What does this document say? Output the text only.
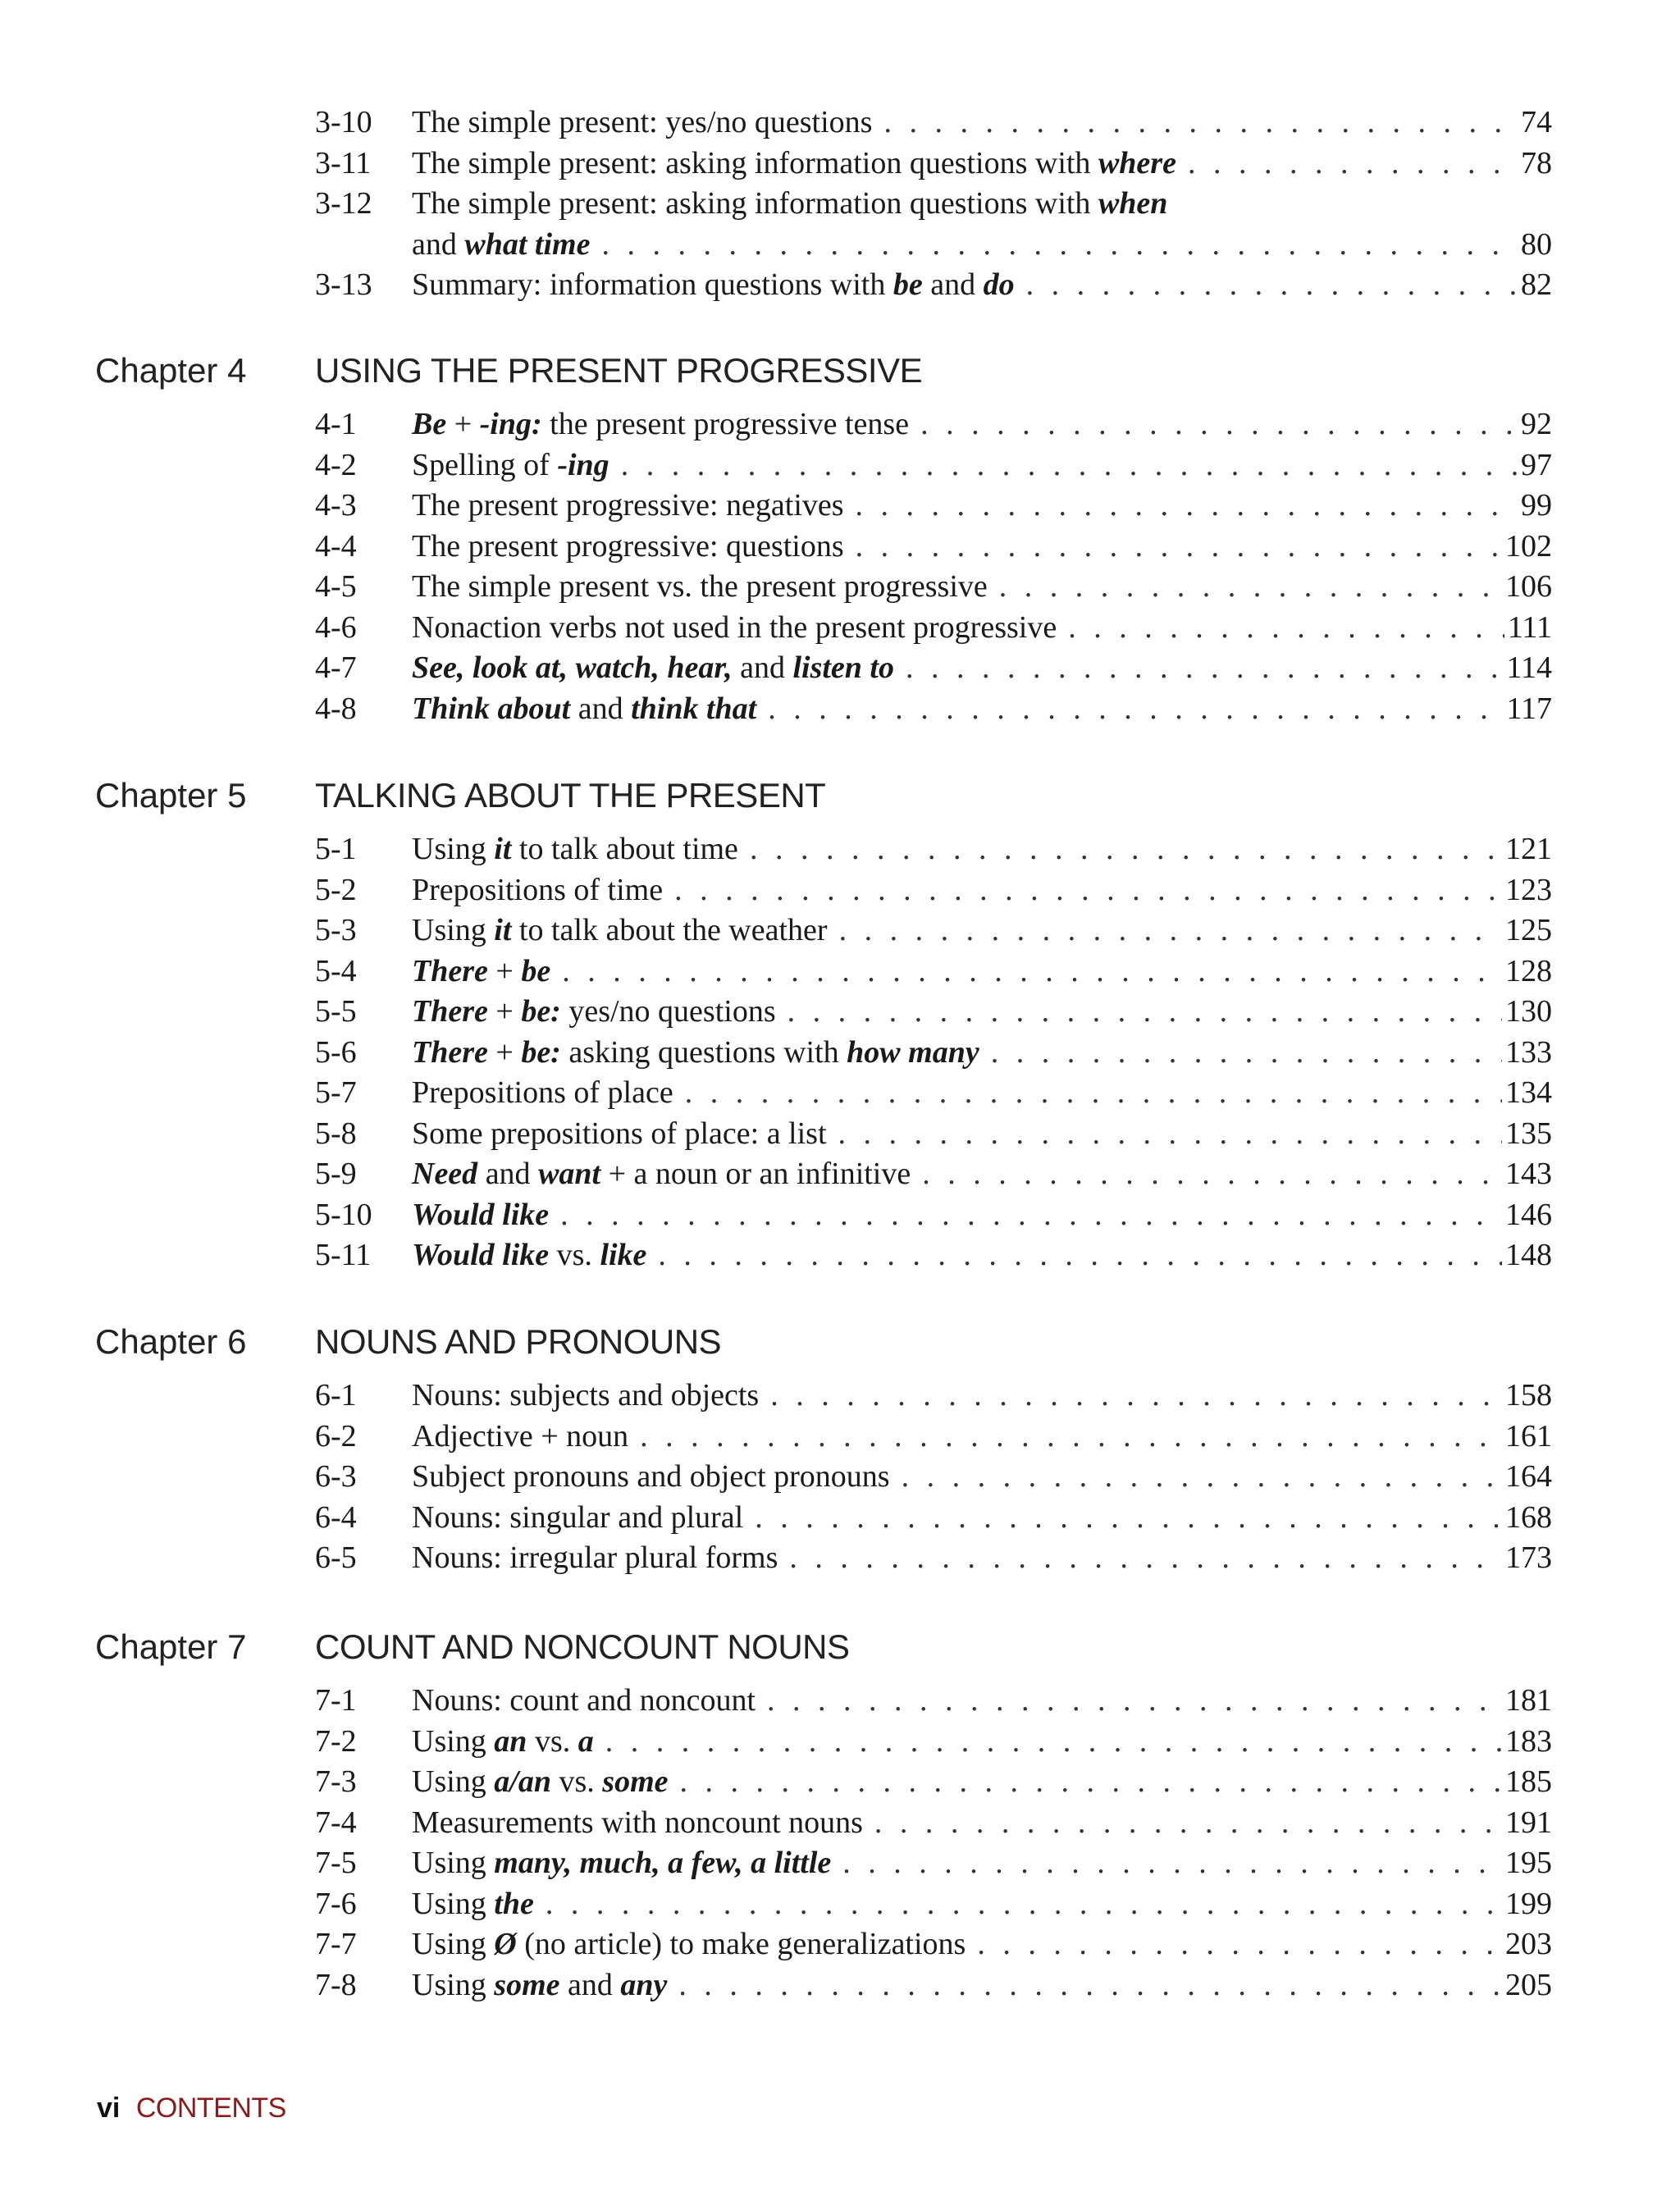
3-10 The simple present: yes/no questions . . .	74
3-11 The simple present: asking information questions with where . . .	78
3-12 The simple present: asking information questions with when
and what time . . .	80
3-13 Summary: information questions with be and do . . .	82
Chapter 4 USING THE PRESENT PROGRESSIVE
4-1 Be + -ing: the present progressive tense . . .	92
4-2 Spelling of -ing . . .	97
4-3 The present progressive: negatives . . .	99
4-4 The present progressive: questions . . .	102
4-5 The simple present vs. the present progressive . . .	106
4-6 Nonaction verbs not used in the present progressive . . .	111
4-7 See, look at, watch, hear, and listen to . . .	114
4-8 Think about and think that . . .	117
Chapter 5 TALKING ABOUT THE PRESENT
5-1 Using it to talk about time . . .	121
5-2 Prepositions of time . . .	123
5-3 Using it to talk about the weather . . .	125
5-4 There + be . . .	128
5-5 There + be: yes/no questions . . .	130
5-6 There + be: asking questions with how many . . .	133
5-7 Prepositions of place . . .	134
5-8 Some prepositions of place: a list . . .	135
5-9 Need and want + a noun or an infinitive . . .	143
5-10 Would like . . .	146
5-11 Would like vs. like . . .	148
Chapter 6 NOUNS AND PRONOUNS
6-1 Nouns: subjects and objects . . .	158
6-2 Adjective + noun . . .	161
6-3 Subject pronouns and object pronouns . . .	164
6-4 Nouns: singular and plural . . .	168
6-5 Nouns: irregular plural forms . . .	173
Chapter 7 COUNT AND NONCOUNT NOUNS
7-1 Nouns: count and noncount . . .	181
7-2 Using an vs. a . . .	183
7-3 Using a/an vs. some . . .	185
7-4 Measurements with noncount nouns . . .	191
7-5 Using many, much, a few, a little . . .	195
7-6 Using the . . .	199
7-7 Using Ø (no article) to make generalizations . . .	203
7-8 Using some and any . . .	205
vi CONTENTS
